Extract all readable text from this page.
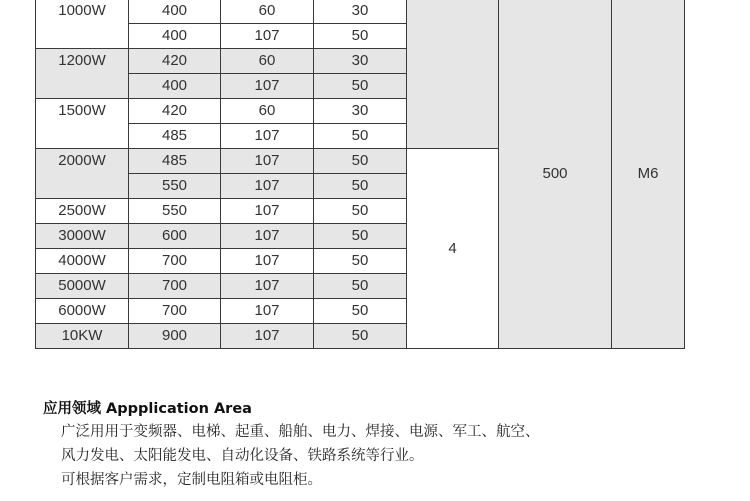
1000W	400	60	30		500	M6
	400	107	50			
1200W	420	60	30			
	400	107	50			
1500W	420	60	30			
	485	107	50			
2000W	485	107	50	4		
	550	107	50			
2500W	550	107	50			
3000W	600	107	50			
4000W	700	107	50			
5000W	700	107	50			
6000W	700	107	50			
10KW	900	107	50			
应用领域 Appplication Area
广泛用用于变频器、电梯、起重、船舶、电力、焊接、电源、军工、航空、
风力发电、太阳能发电、自动化设备、铁路系统等行业。
可根据客户需求，定制电阻箱或电阻柜。
